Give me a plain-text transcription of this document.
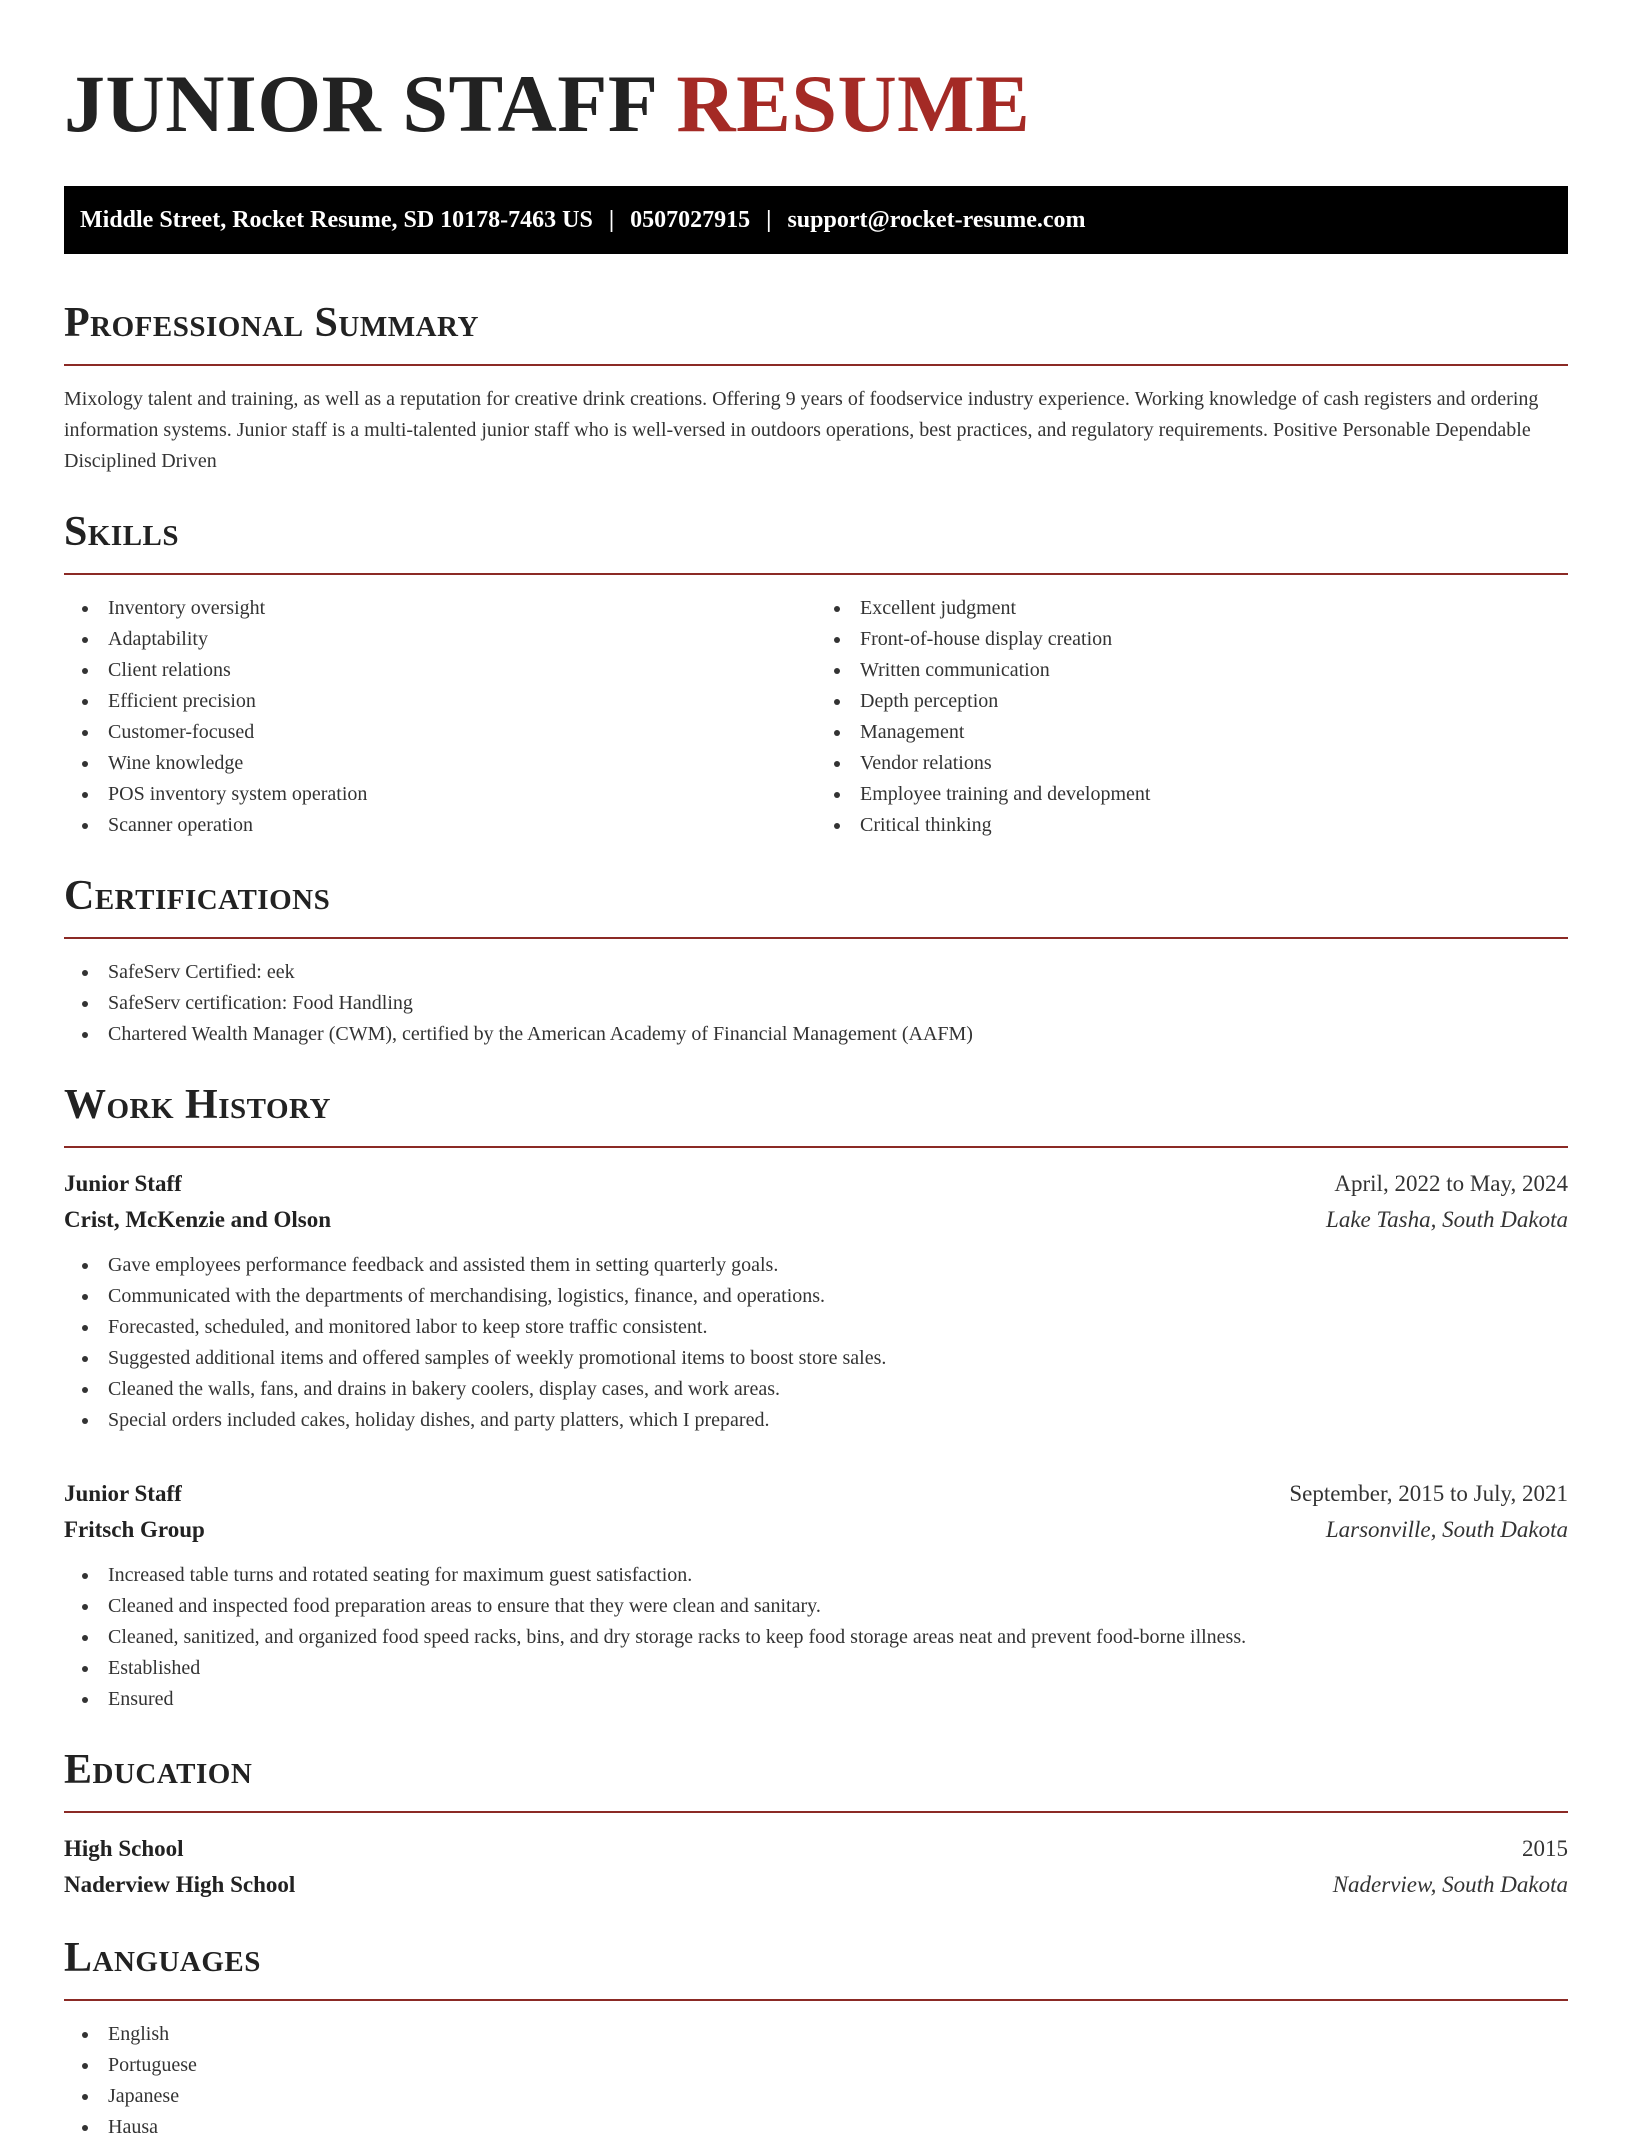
JUNIOR STAFF RESUME
Middle Street, Rocket Resume, SD 10178-7463 US | 0507027915 | support@rocket-resume.com
Professional Summary

Mixology talent and training, as well as a reputation for creative drink creations. Offering 9 years of foodservice industry experience. Working knowledge of cash registers and ordering information systems. Junior staff is a multi-talented junior staff who is well-versed in outdoors operations, best practices, and regulatory requirements. Positive Personable Dependable Disciplined Driven

Skills
Inventory oversight
Adaptability
Client relations
Efficient precision
Customer-focused
Wine knowledge
POS inventory system operation
Scanner operation
Excellent judgment
Front-of-house display creation
Written communication
Depth perception
Management
Vendor relations
Employee training and development
Critical thinking
Certifications
SafeServ Certified: eek
SafeServ certification: Food Handling
Chartered Wealth Manager (CWM), certified by the American Academy of Financial Management (AAFM)
Work History
Junior Staff	April, 2022 to May, 2024
Crist, McKenzie and Olson	Lake Tasha, South Dakota
Gave employees performance feedback and assisted them in setting quarterly goals.
Communicated with the departments of merchandising, logistics, finance, and operations.
Forecasted, scheduled, and monitored labor to keep store traffic consistent.
Suggested additional items and offered samples of weekly promotional items to boost store sales.
Cleaned the walls, fans, and drains in bakery coolers, display cases, and work areas.
Special orders included cakes, holiday dishes, and party platters, which I prepared.
Junior Staff	September, 2015 to July, 2021
Fritsch Group	Larsonville, South Dakota
Increased table turns and rotated seating for maximum guest satisfaction.
Cleaned and inspected food preparation areas to ensure that they were clean and sanitary.
Cleaned, sanitized, and organized food speed racks, bins, and dry storage racks to keep food storage areas neat and prevent food-borne illness.
Established
Ensured
Education
High School	2015
Naderview High School	Naderview, South Dakota
Languages
English
Portuguese
Japanese
Hausa
